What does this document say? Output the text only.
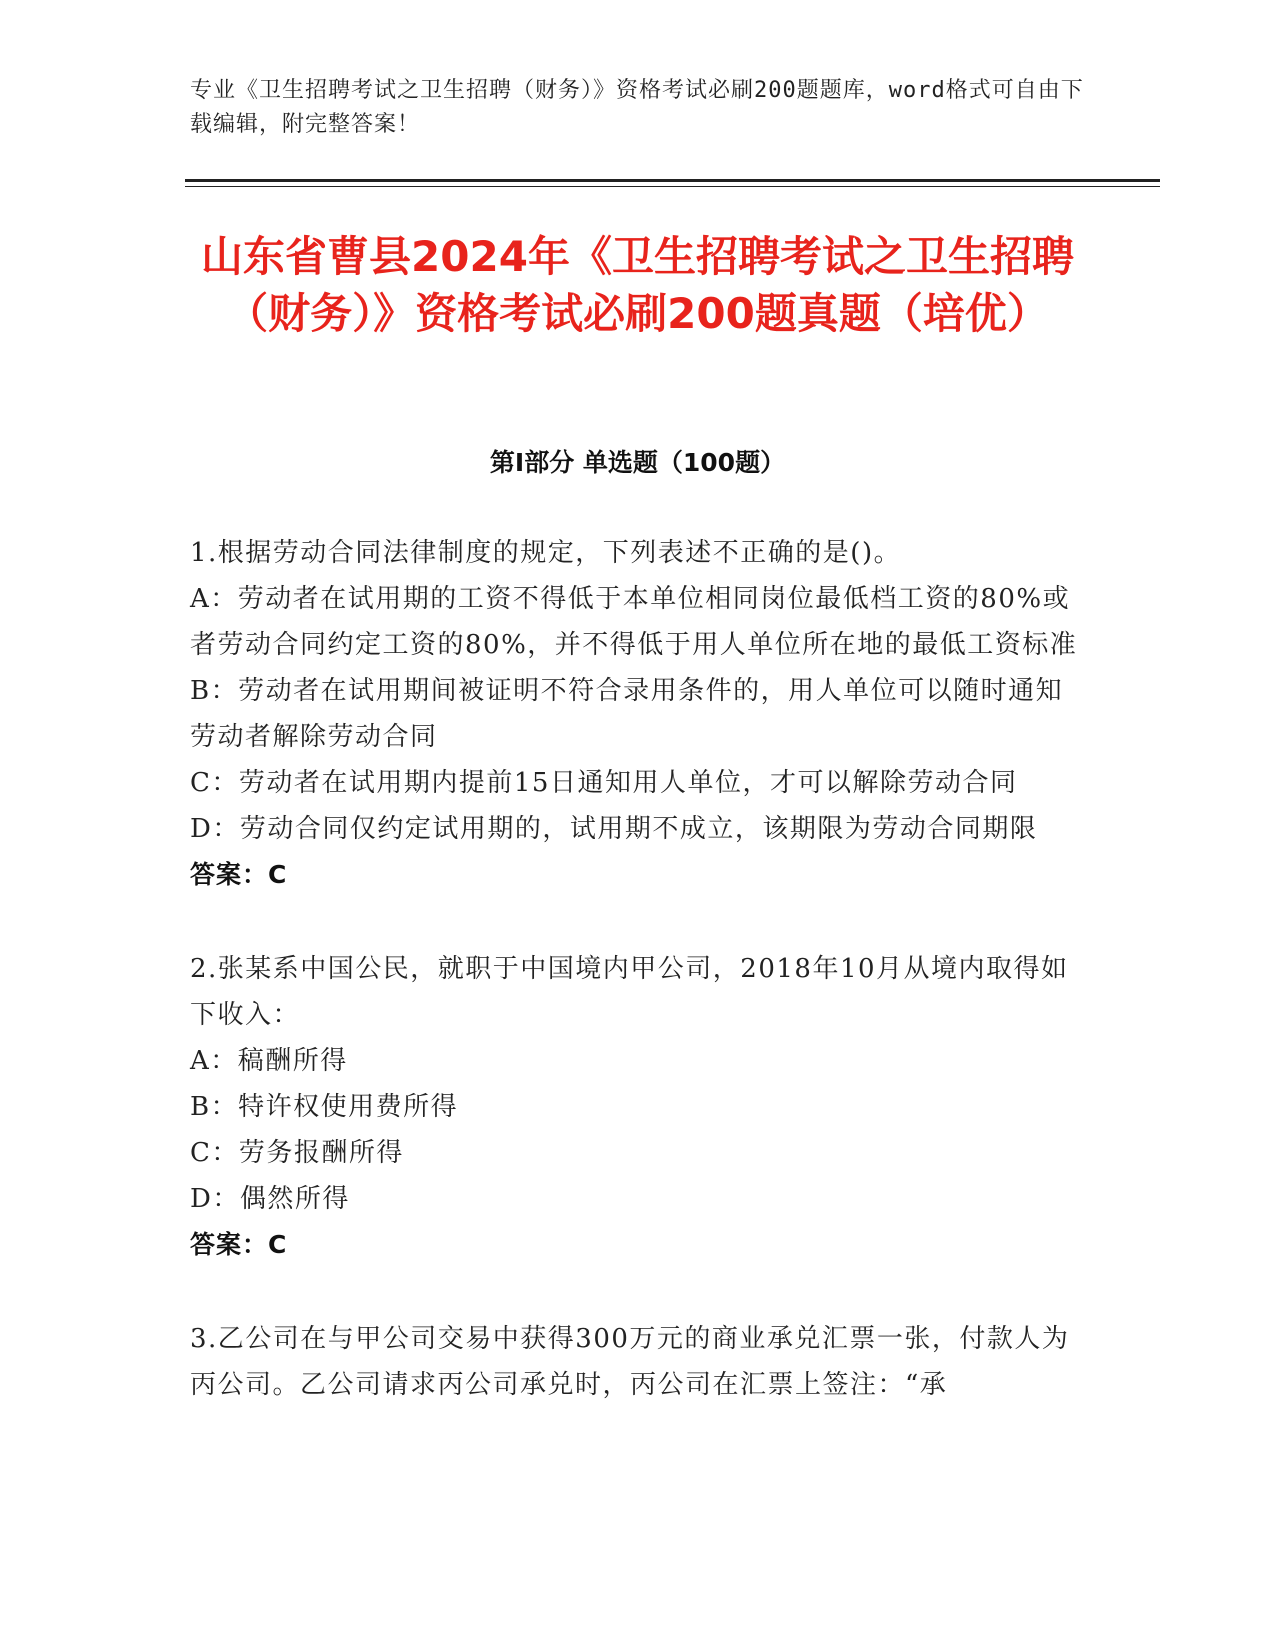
专业《卫生招聘考试之卫生招聘（财务）》资格考试必刷200题题库，word格式可自由下载编辑，附完整答案！
山东省曹县2024年《卫生招聘考试之卫生招聘（财务）》资格考试必刷200题真题（培优）
第Ⅰ部分 单选题（100题）
1.根据劳动合同法律制度的规定，下列表述不正确的是()。
A：劳动者在试用期的工资不得低于本单位相同岗位最低档工资的80%或者劳动合同约定工资的80%，并不得低于用人单位所在地的最低工资标准
B：劳动者在试用期间被证明不符合录用条件的，用人单位可以随时通知劳动者解除劳动合同
C：劳动者在试用期内提前15日通知用人单位，才可以解除劳动合同
D：劳动合同仅约定试用期的，试用期不成立，该期限为劳动合同期限
答案：C
2.张某系中国公民，就职于中国境内甲公司，2018年10月从境内取得如下收入：
A：稿酬所得
B：特许权使用费所得
C：劳务报酬所得
D：偶然所得
答案：C
3.乙公司在与甲公司交易中获得300万元的商业承兑汇票一张，付款人为丙公司。乙公司请求丙公司承兑时，丙公司在汇票上签注：“承
